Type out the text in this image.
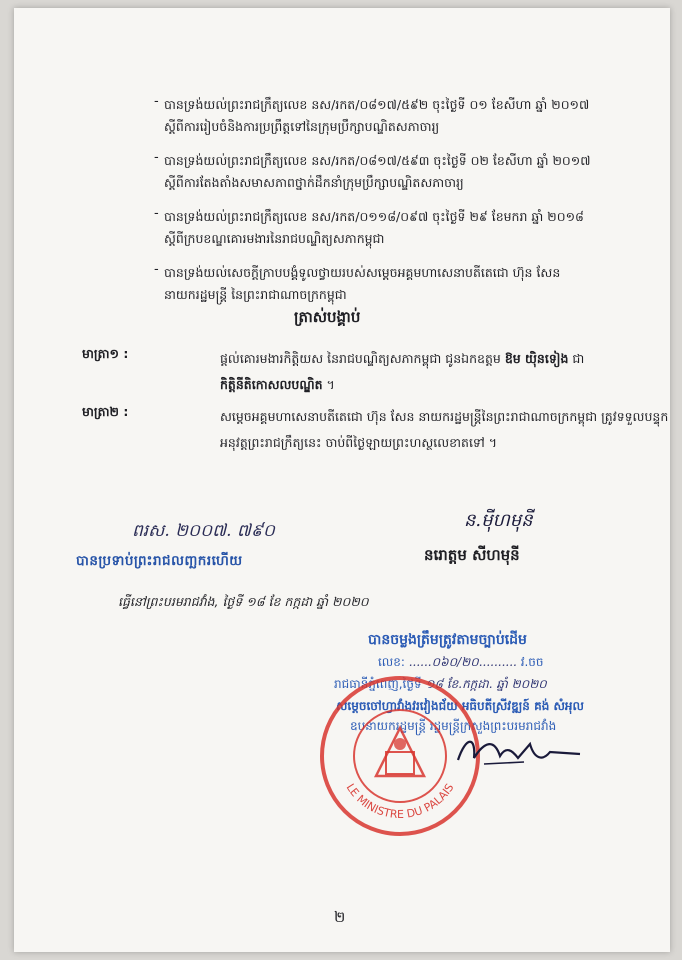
- បានទ្រង់យល់ព្រះរាជក្រឹត្យលេខ នស/រកត/០៨១៧/៥៩២ ចុះថ្ងៃទី ០១ ខែសីហា ឆ្នាំ ២០១៧
ស្ដីពីការរៀបចំនិងការប្រព្រឹត្តទៅនៃក្រុមប្រឹក្សាបណ្ឌិតសភាចារ្យ
- បានទ្រង់យល់ព្រះរាជក្រឹត្យលេខ នស/រកត/០៨១៧/៥៩៣ ចុះថ្ងៃទី ០២ ខែសីហា ឆ្នាំ ២០១៧
ស្ដីពីការតែងតាំងសមាសភាពថ្នាក់ដឹកនាំក្រុមប្រឹក្សាបណ្ឌិតសភាចារ្យ
- បានទ្រង់យល់ព្រះរាជក្រឹត្យលេខ នស/រកត/០១១៨/០៩៧ ចុះថ្ងៃទី ២៩ ខែមករា ឆ្នាំ ២០១៨
ស្ដីពីក្របខណ្ឌគោរមងារនៃរាជបណ្ឌិត្យសភាកម្ពុជា
- បានទ្រង់យល់សេចក្ដីក្រាបបង្គំទូលថ្វាយរបស់សម្ដេចអគ្គមហាសេនាបតីតេជោ ហ៊ុន សែន
នាយករដ្ឋមន្ត្រី នៃព្រះរាជាណាចក្រកម្ពុជា
ត្រាស់បង្គាប់
មាត្រា១ :	ផ្ដល់គោរមងារកិត្តិយស នៃរាជបណ្ឌិត្យសភាកម្ពុជា ជូនឯកឧត្តម ឱម យ៉ិនទៀង ជា
កិត្តិនីតិកោសលបណ្ឌិត ។
មាត្រា២ :	សម្ដេចអគ្គមហាសេនាបតីតេជោ ហ៊ុន សែន នាយករដ្ឋមន្ត្រីនៃព្រះរាជាណាចក្រកម្ពុជា ត្រូវទទួលបន្ទុក
អនុវត្តព្រះរាជក្រឹត្យនេះ ចាប់ពីថ្ងៃឡាយព្រះហស្ថលេខាតទៅ ។
ពរស. ២០០៧. ៧៩០
បានប្រទាប់ព្រះរាជលញ្ឆករហើយ
ធ្វើនៅព្រះបរមរាជវាំង, ថ្ងៃទី ១៨ ខែ កក្កដា ឆ្នាំ ២០២០
ន.ម៉ីហមុនី
នរោត្តម សីហមុនី
បានចម្លងត្រឹមត្រូវតាមច្បាប់ដើម
លេខ: ......០៦០/២០.......... វ.ចច
រាជធានីភ្នំពេញ,ថ្ងៃទី ១៨ ខែ.កក្កដា. ឆ្នាំ ២០២០
សម្ដេចចៅហ្វាវាំងវរវៀងជ័យ អធិបតីស្រីវឌ្ឍន៍ គង់ សំអុល
ឧបនាយករដ្ឋមន្ត្រី រដ្ឋមន្ត្រីក្រសួងព្រះបរមរាជវាំង
LE MINISTRE DU PALAIS
២
